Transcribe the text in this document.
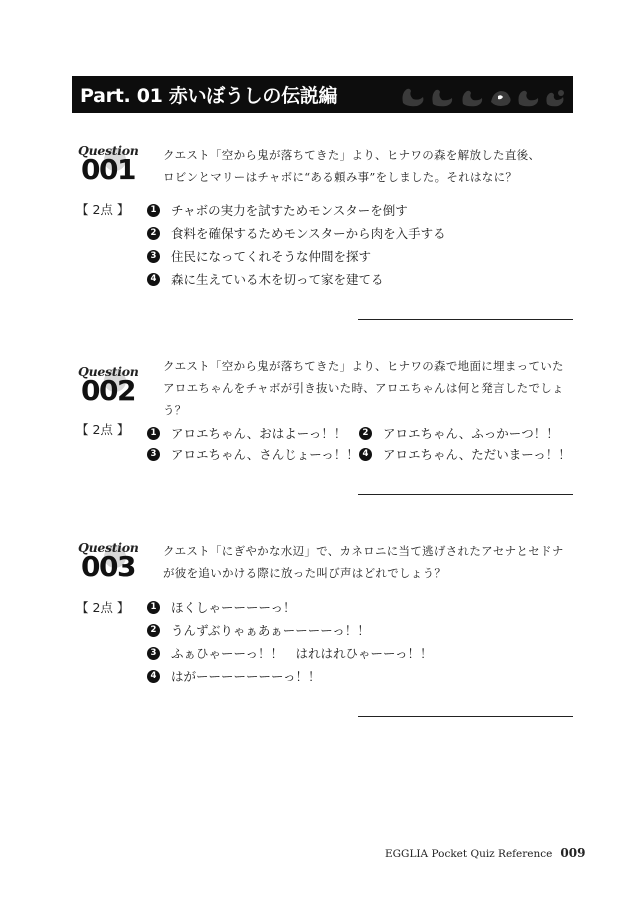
Part. 01 赤いぼうしの伝説編
Question
001
【 2点 】
クエスト「空から鬼が落ちてきた」より、ヒナワの森を解放した直後、
ロビンとマリーはチャボに“ある頼み事”をしました。それはなに？
1 チャボの実力を試すためモンスターを倒す
2 食料を確保するためモンスターから肉を入手する
3 住民になってくれそうな仲間を探す
4 森に生えている木を切って家を建てる
Question
002
【 2点 】
クエスト「空から鬼が落ちてきた」より、ヒナワの森で地面に埋まっていた
アロエちゃんをチャボが引き抜いた時、アロエちゃんは何と発言したでしょ
う？
1 アロエちゃん、おはよーっ！！	2 アロエちゃん、ふっかーつ！！
3 アロエちゃん、さんじょーっ！！ 4 アロエちゃん、ただいまーっ！！
Question
003
【 2点 】
クエスト「にぎやかな水辺」で、カネロニに当て逃げされたアセナとセドナ
が彼を追いかける際に放った叫び声はどれでしょう？
1 ほくしゃーーーーっ！
2 うんずぶりゃぁあぁーーーーっ！！
3 ふぁひゃーーっ！！　はれはれひゃーーっ！！
4 はがーーーーーーーっ！！
EGGLIA Pocket Quiz Reference 009
